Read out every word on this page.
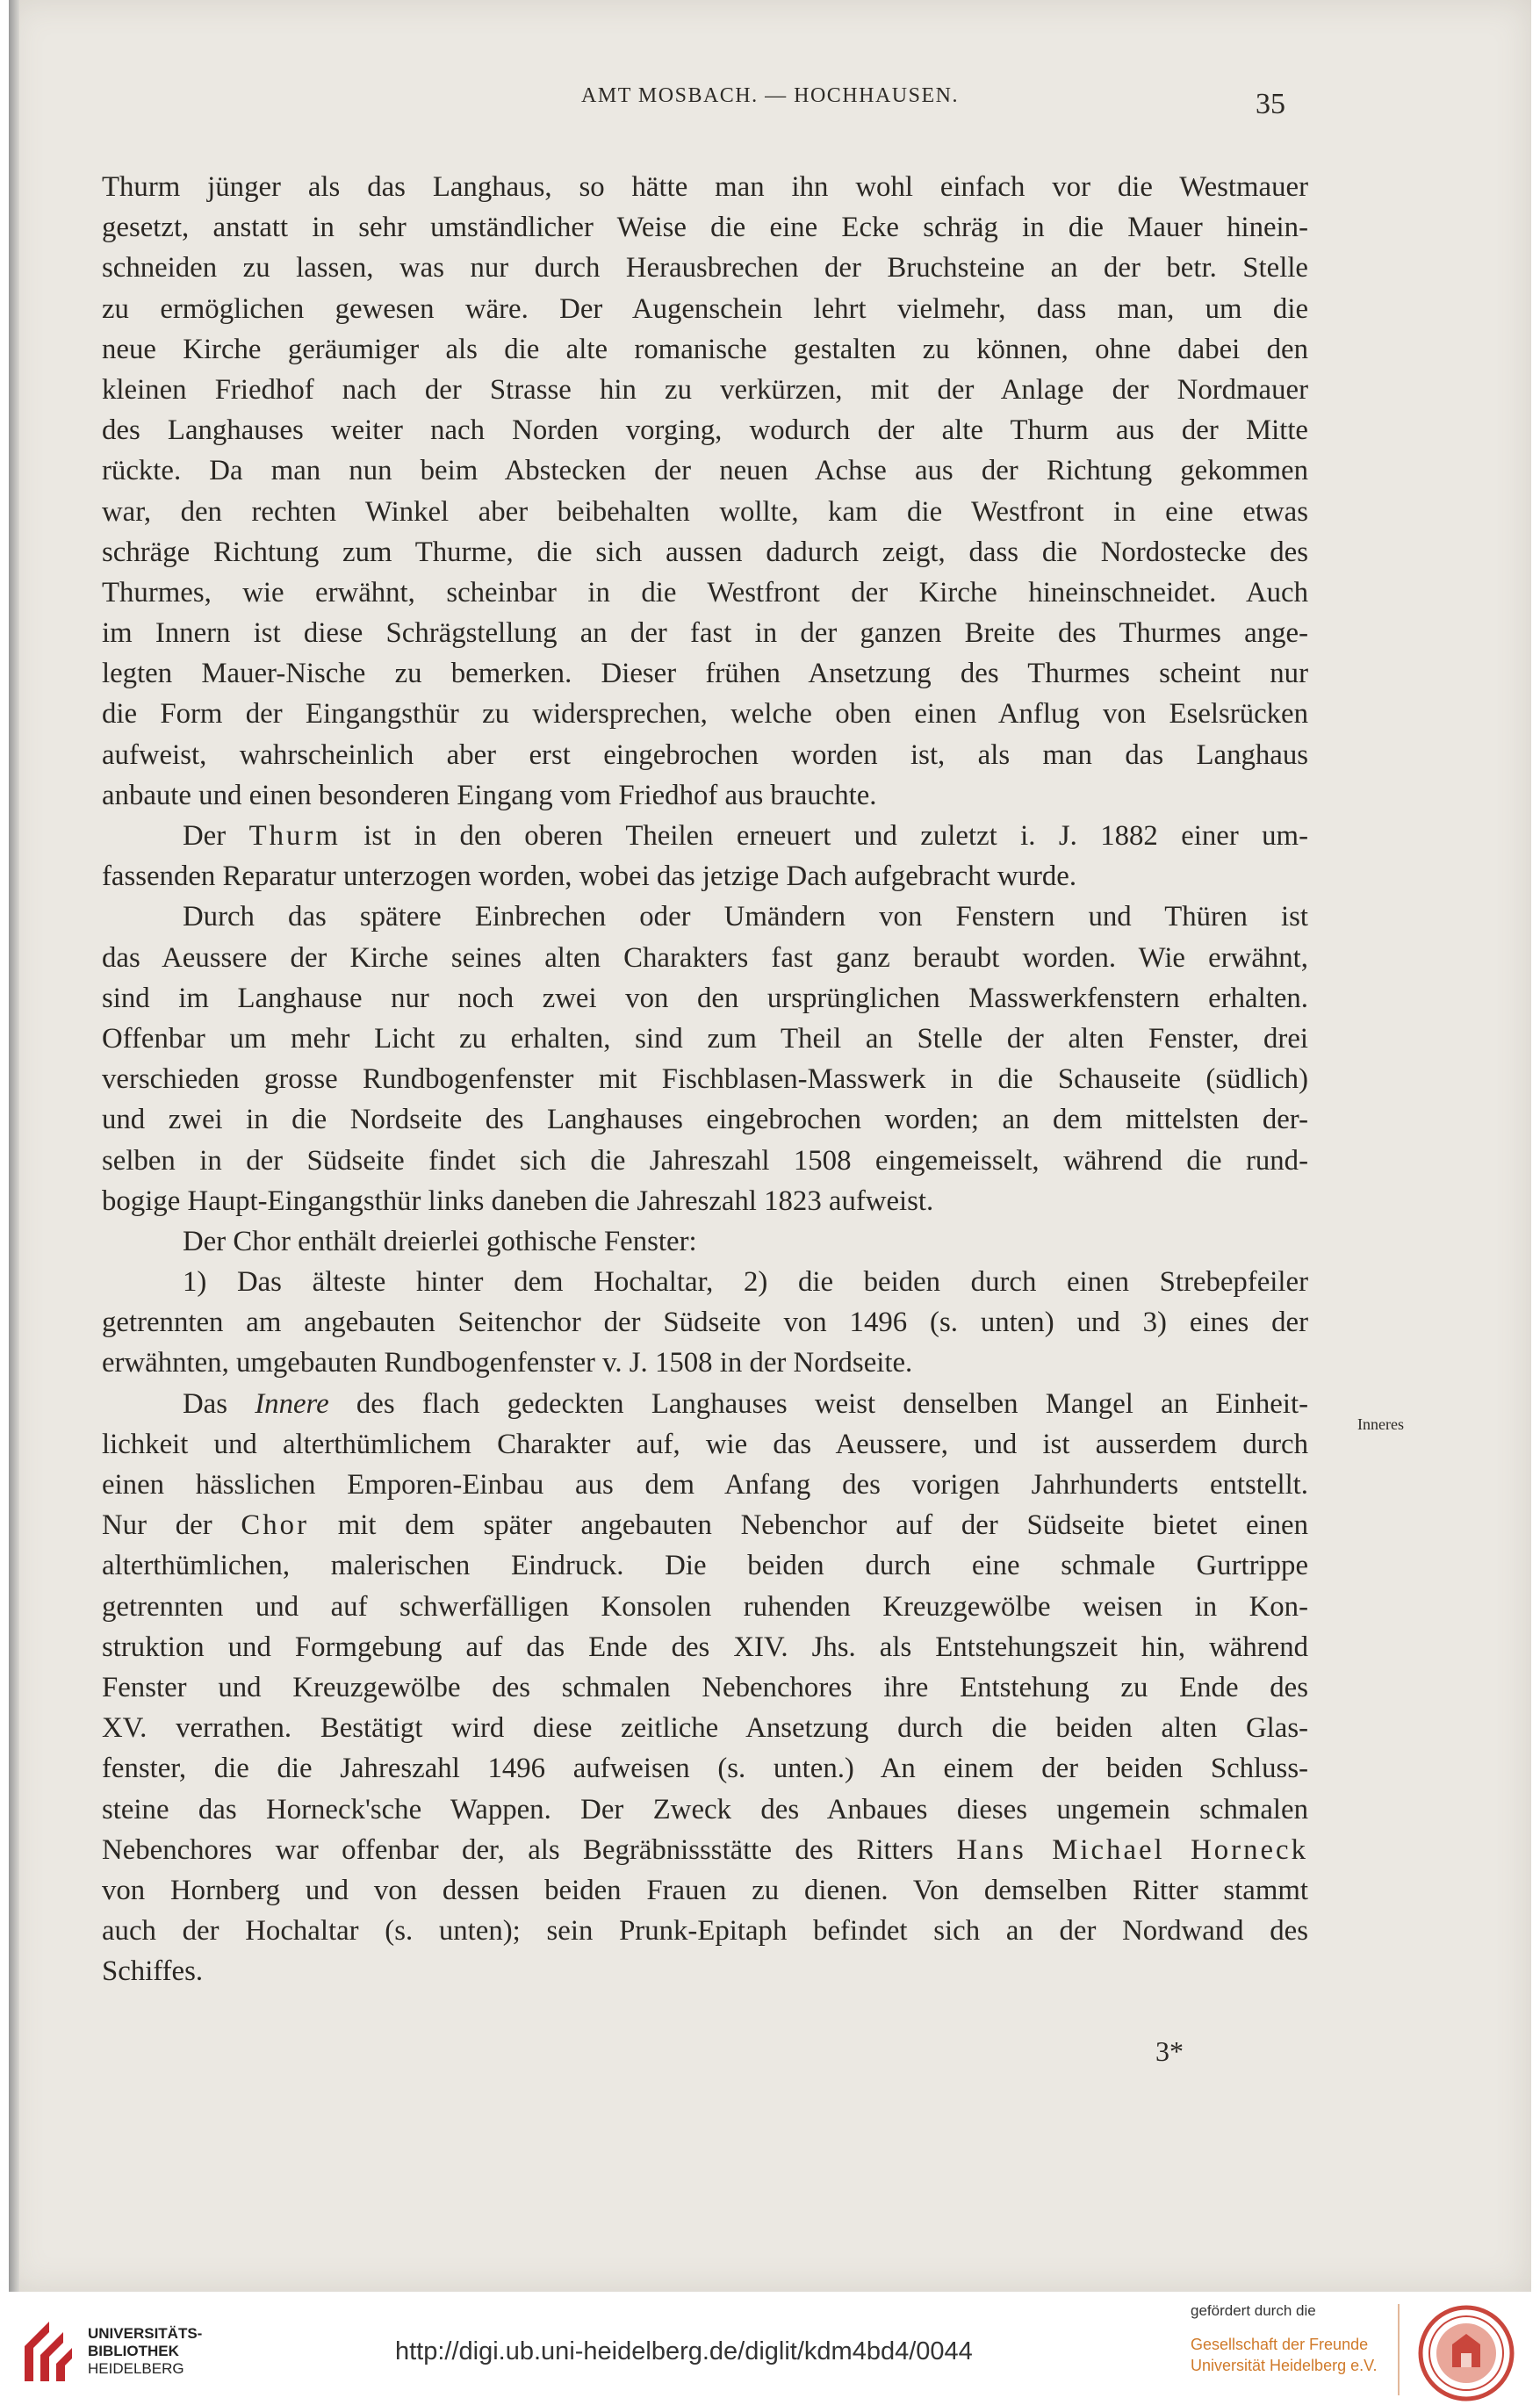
AMT MOSBACH. — HOCHHAUSEN.	35
Thurm jünger als das Langhaus, so hätte man ihn wohl einfach vor die Westmauer
gesetzt, anstatt in sehr umständlicher Weise die eine Ecke schräg in die Mauer hinein-
schneiden zu lassen, was nur durch Herausbrechen der Bruchsteine an der betr. Stelle
zu ermöglichen gewesen wäre. Der Augenschein lehrt vielmehr, dass man, um die
neue Kirche geräumiger als die alte romanische gestalten zu können, ohne dabei den
kleinen Friedhof nach der Strasse hin zu verkürzen, mit der Anlage der Nordmauer
des Langhauses weiter nach Norden vorging, wodurch der alte Thurm aus der Mitte
rückte. Da man nun beim Abstecken der neuen Achse aus der Richtung gekommen
war, den rechten Winkel aber beibehalten wollte, kam die Westfront in eine etwas
schräge Richtung zum Thurme, die sich aussen dadurch zeigt, dass die Nordostecke des
Thurmes, wie erwähnt, scheinbar in die Westfront der Kirche hineinschneidet. Auch
im Innern ist diese Schrägstellung an der fast in der ganzen Breite des Thurmes ange-
legten Mauer-Nische zu bemerken. Dieser frühen Ansetzung des Thurmes scheint nur
die Form der Eingangsthür zu widersprechen, welche oben einen Anflug von Eselsrücken
aufweist, wahrscheinlich aber erst eingebrochen worden ist, als man das Langhaus
anbaute und einen besonderen Eingang vom Friedhof aus brauchte.
Der Thurm ist in den oberen Theilen erneuert und zuletzt i. J. 1882 einer um-
fassenden Reparatur unterzogen worden, wobei das jetzige Dach aufgebracht wurde.
Durch das spätere Einbrechen oder Umändern von Fenstern und Thüren ist
das Aeussere der Kirche seines alten Charakters fast ganz beraubt worden. Wie erwähnt,
sind im Langhause nur noch zwei von den ursprünglichen Masswerkfenstern erhalten.
Offenbar um mehr Licht zu erhalten, sind zum Theil an Stelle der alten Fenster, drei
verschieden grosse Rundbogenfenster mit Fischblasen-Masswerk in die Schauseite (südlich)
und zwei in die Nordseite des Langhauses eingebrochen worden; an dem mittelsten der-
selben in der Südseite findet sich die Jahreszahl 1508 eingemeisselt, während die rund-
bogige Haupt-Eingangsthür links daneben die Jahreszahl 1823 aufweist.
Der Chor enthält dreierlei gothische Fenster:
1) Das älteste hinter dem Hochaltar, 2) die beiden durch einen Strebepfeiler
getrennten am angebauten Seitenchor der Südseite von 1496 (s. unten) und 3) eines der
erwähnten, umgebauten Rundbogenfenster v. J. 1508 in der Nordseite.
Das Innere des flach gedeckten Langhauses weist denselben Mangel an Einheit-
lichkeit und alterthümlichem Charakter auf, wie das Aeussere, und ist ausserdem durch
einen hässlichen Emporen-Einbau aus dem Anfang des vorigen Jahrhunderts entstellt.
Nur der Chor mit dem später angebauten Nebenchor auf der Südseite bietet einen
alterthümlichen, malerischen Eindruck. Die beiden durch eine schmale Gurtrippe
getrennten und auf schwerfälligen Konsolen ruhenden Kreuzgewölbe weisen in Kon-
struktion und Formgebung auf das Ende des XIV. Jhs. als Entstehungszeit hin, während
Fenster und Kreuzgewölbe des schmalen Nebenchores ihre Entstehung zu Ende des
XV. verrathen. Bestätigt wird diese zeitliche Ansetzung durch die beiden alten Glas-
fenster, die die Jahreszahl 1496 aufweisen (s. unten.) An einem der beiden Schluss-
steine das Horneck'sche Wappen. Der Zweck des Anbaues dieses ungemein schmalen
Nebenchores war offenbar der, als Begräbnissstätte des Ritters Hans Michael Horneck
von Hornberg und von dessen beiden Frauen zu dienen. Von demselben Ritter stammt
auch der Hochaltar (s. unten); sein Prunk-Epitaph befindet sich an der Nordwand des
Schiffes.
Inneres
3*
UNIVERSITÄTS-
BIBLIOTHEK
HEIDELBERG
http://digi.ub.uni-heidelberg.de/diglit/kdm4bd4/0044
gefördert durch die
Gesellschaft der Freunde
Universität Heidelberg e.V.
